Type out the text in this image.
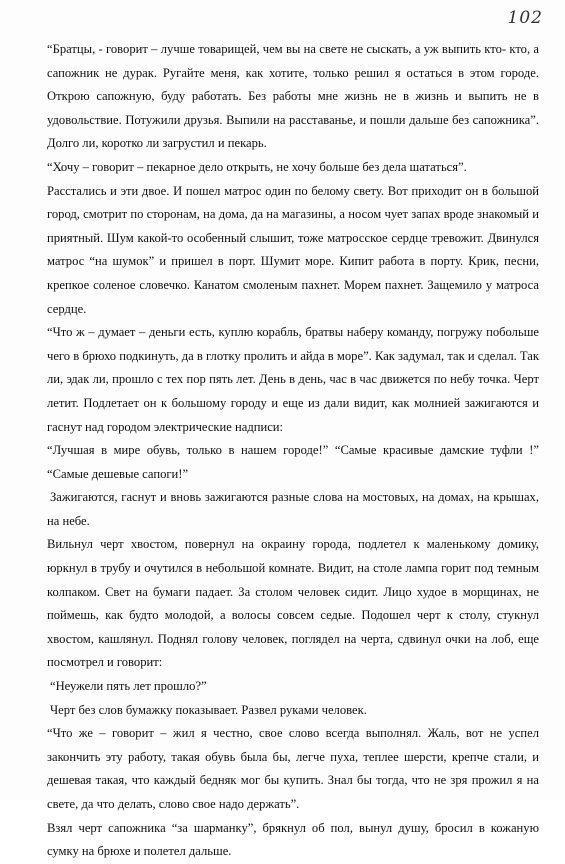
102

“Братцы, - говорит – лучше товарищей, чем вы на свете не сыскать, а уж выпить кто- кто, а сапожник не дурак. Ругайте меня, как хотите, только решил я остаться в этом городе. Открою сапожную, буду работать. Без работы мне жизнь не в жизнь и выпить не в удовольствие. Потужили друзья. Выпили на расставанье, и пошли дальше без сапожника”. Долго ли, коротко ли загрустил и пекарь.

“Хочу – говорит – пекарное дело открыть, не хочу больше без дела шататься”.

Расстались и эти двое. И пошел матрос один по белому свету. Вот приходит он в большой город, смотрит по сторонам, на дома, да на магазины, а носом чует запах вроде знакомый и приятный. Шум какой-то особенный слышит, тоже матросское сердце тревожит. Двинулся матрос “на шумок” и пришел в порт. Шумит море. Кипит работа в порту. Крик, песни, крепкое соленое словечко. Канатом смоленым пахнет. Морем пахнет. Защемило у матроса сердце.

“Что ж – думает – деньги есть, куплю корабль, братвы наберу команду, погружу побольше чего в брюхо подкинуть, да в глотку пролить и айда в море”. Как задумал, так и сделал. Так ли, эдак ли, прошло с тех пор пять лет. День в день, час в час движется по небу точка. Черт летит. Подлетает он к большому городу и еще из дали видит, как молнией зажигаются и гаснут над городом электрические надписи:

“Лучшая в мире обувь, только в нашем городе!” “Самые красивые дамские туфли !” “Самые дешевые сапоги!”

Зажигаются, гаснут и вновь зажигаются разные слова на мостовых, на домах, на крышах, на небе.

Вильнул черт хвостом, повернул на окраину города, подлетел к маленькому домику, юркнул в трубу и очутился в небольшой комнате. Видит, на столе лампа горит под темным колпаком. Свет на бумаги падает. За столом человек сидит. Лицо худое в морщинах, не поймешь, как будто молодой, а волосы совсем седые. Подошел черт к столу, стукнул хвостом, кашлянул. Поднял голову человек, поглядел на черта, сдвинул очки на лоб, еще посмотрел и говорит:

“Неужели пять лет прошло?”

Черт без слов бумажку показывает. Развел руками человек.

“Что же – говорит – жил я честно, свое слово всегда выполнял. Жаль, вот не успел закончить эту работу, такая обувь была бы, легче пуха, теплее шерсти, крепче стали, и дешевая такая, что каждый бедняк мог бы купить. Знал бы тогда, что не зря прожил я на свете, да что делать, слово свое надо держать”.

Взял черт сапожника “за шарманку”, брякнул об пол, вынул душу, бросил в кожаную сумку на брюхе и полетел дальше.
